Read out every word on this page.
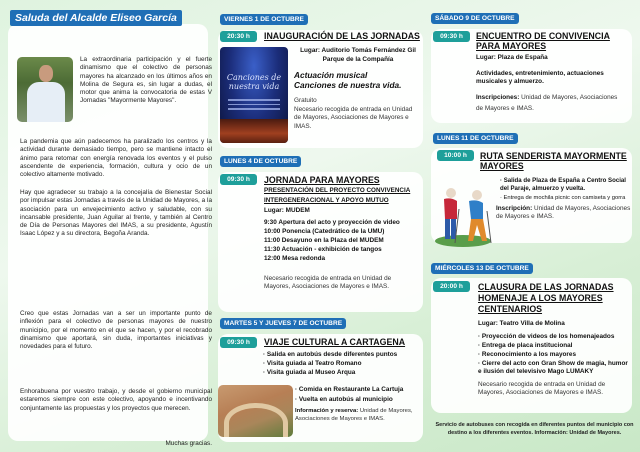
Saluda del Alcalde Eliseo García
La extraordinaria participación y el fuerte dinamismo que el colectivo de personas mayores ha alcanzado en los últimos años en Molina de Segura es, sin lugar a dudas, el motor que anima la convocatoria de estas V Jornadas "Mayormente Mayores".
La pandemia que aún padecemos ha paralizado los centros y la actividad durante demasiado tiempo, pero se mantiene intacto el ánimo para retomar con energía renovada los eventos y el pulso ascendente de experiencia, formación, cultura y ocio de un colectivo altamente motivado.
Hay que agradecer su trabajo a la concejalía de Bienestar Social por impulsar estas Jornadas a través de la Unidad de Mayores, a la asociación para un envejecimiento activo y saludable, con su incansable presidente, Juan Aguilar al frente, y también al Centro de Día de Personas Mayores del IMAS, a su presidente, Agustín Isaac López y a su directora, Begoña Aranda.
Creo que estas Jornadas van a ser un importante punto de inflexión para el colectivo de personas mayores de nuestro municipio, por el momento en el que se hacen, y por el recobrado dinamismo que aportará, sin duda, importantes iniciativas y novedades para el futuro.
Enhorabuena por vuestro trabajo, y desde el gobierno municipal estaremos siempre con este colectivo, apoyando e incentivando conjuntamente las propuestas y los proyectos que merecen.
Muchas gracias.
VIERNES 1 DE OCTUBRE
20:30 h	INAUGURACIÓN DE LAS JORNADAS
Canciones de nuestra vida
Lugar: Auditorio Tomás Fernández Gil
Parque de la Compañía
Actuación musical
Canciones de nuestra vida.
Gratuito
Necesario recogida de entrada en Unidad de Mayores, Asociaciones de Mayores e IMAS.
LUNES 4 DE OCTUBRE
09:30 h	JORNADA PARA MAYORES
PRESENTACIÓN DEL PROYECTO CONVIVENCIA
INTERGENERACIONAL Y APOYO MUTUO
Lugar: MUDEM
9:30 Apertura del acto y proyección de video
10:00 Ponencia (Catedrático de la UMU)
11:00 Desayuno en la Plaza del MUDEM
11:30 Actuación - exhibición de tangos
12:00 Mesa redonda
Necesario recogida de entrada en Unidad de Mayores, Asociaciones de Mayores e IMAS.
MARTES 5 Y JUEVES 7 DE OCTUBRE
09:30 h	VIAJE CULTURAL A CARTAGENA
· Salida en autobús desde diferentes puntos
· Visita guiada al Teatro Romano
· Visita guiada al Museo Arqua
· Comida en Restaurante La Cartuja
· Vuelta en autobús al municipio
Información y reserva: Unidad de Mayores, Asociaciones de Mayores e IMAS.
SÁBADO 9 DE OCTUBRE
09:30 h	ENCUENTRO DE CONVIVENCIA
PARA MAYORES
Lugar: Plaza de España
Actividades, entretenimiento, actuaciones musicales y almuerzo.
Inscripciones: Unidad de Mayores, Asociaciones de Mayores e IMAS.
LUNES 11 DE OCTUBRE
10:00 h	RUTA SENDERISTA MAYORMENTE
MAYORES
· Salida de Plaza de España a Centro Social del Paraje, almuerzo y vuelta.
· Entrega de mochila picnic con camiseta y gorra
Inscripción: Unidad de Mayores, Asociaciones de Mayores e IMAS.
MIÉRCOLES 13 DE OCTUBRE
20:00 h	CLAUSURA DE LAS JORNADAS
HOMENAJE A LOS MAYORES
CENTENARIOS
Lugar: Teatro Villa de Molina
· Proyección de videos de los homenajeados
· Entrega de placa institucional
· Reconocimiento a los mayores
· Cierre del acto con Gran Show de magia, humor e ilusión del televisivo Mago LUMAKY
Necesario recogida de entrada en Unidad de Mayores, Asociaciones de Mayores e IMAS.
Servicio de autobuses con recogida en diferentes puntos del municipio con destino a los diferentes eventos. Información: Unidad de Mayores.
